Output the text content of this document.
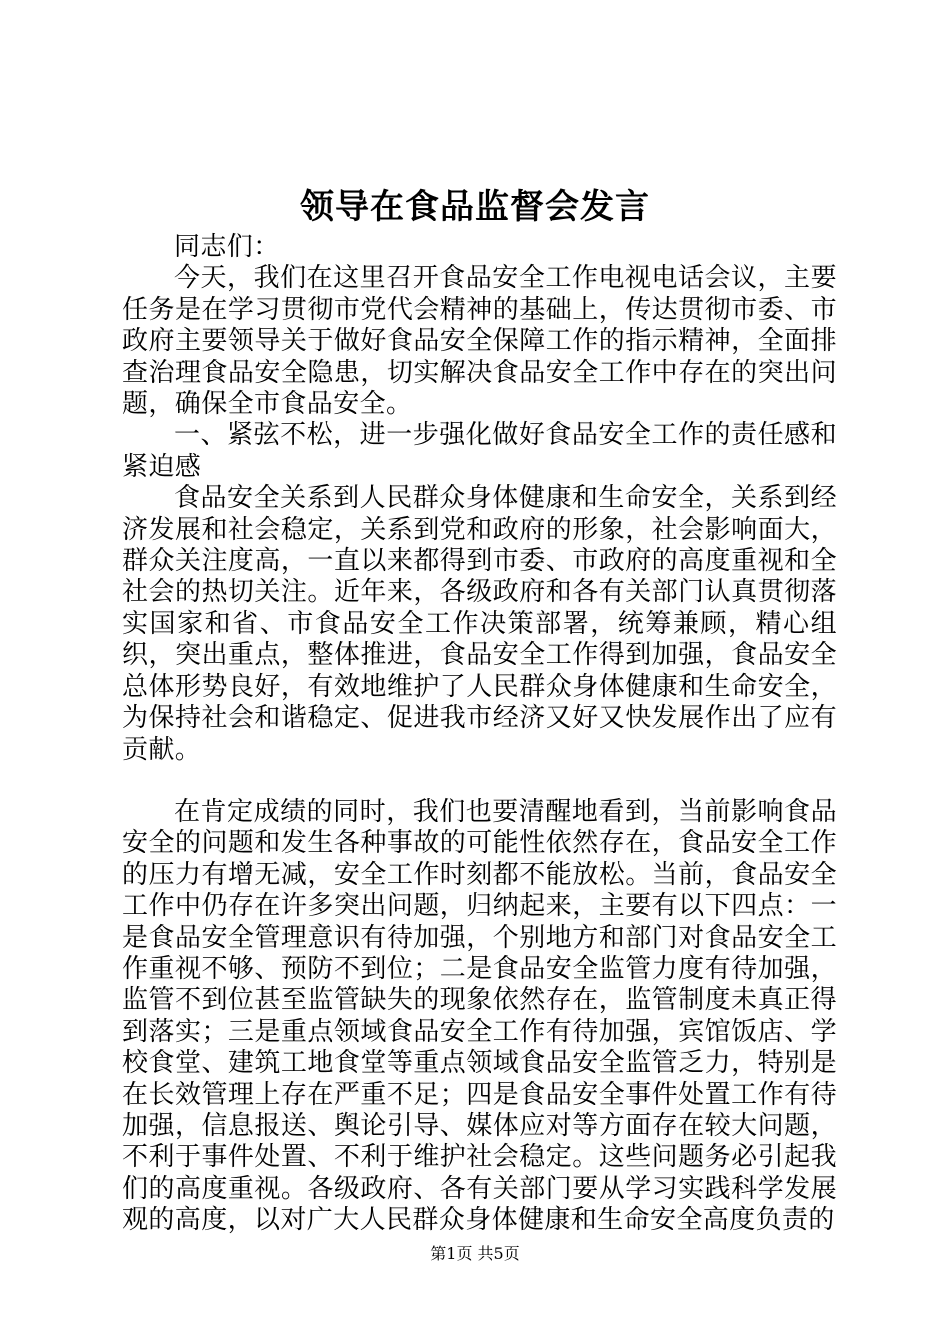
领导在食品监督会发言

同志们：

今天，我们在这里召开食品安全工作电视电话会议，主要任务是在学习贯彻市党代会精神的基础上，传达贯彻市委、市政府主要领导关于做好食品安全保障工作的指示精神，全面排查治理食品安全隐患，切实解决食品安全工作中存在的突出问题，确保全市食品安全。

一、紧弦不松，进一步强化做好食品安全工作的责任感和紧迫感

食品安全关系到人民群众身体健康和生命安全，关系到经济发展和社会稳定，关系到党和政府的形象，社会影响面大，群众关注度高，一直以来都得到市委、市政府的高度重视和全社会的热切关注。近年来，各级政府和各有关部门认真贯彻落实国家和省、市食品安全工作决策部署，统筹兼顾，精心组织，突出重点，整体推进，食品安全工作得到加强，食品安全总体形势良好，有效地维护了人民群众身体健康和生命安全，为保持社会和谐稳定、促进我市经济又好又快发展作出了应有贡献。

在肯定成绩的同时，我们也要清醒地看到，当前影响食品安全的问题和发生各种事故的可能性依然存在，食品安全工作的压力有增无减，安全工作时刻都不能放松。当前，食品安全工作中仍存在许多突出问题，归纳起来，主要有以下四点：一是食品安全管理意识有待加强，个别地方和部门对食品安全工作重视不够、预防不到位；二是食品安全监管力度有待加强，监管不到位甚至监管缺失的现象依然存在，监管制度未真正得到落实；三是重点领域食品安全工作有待加强，宾馆饭店、学校食堂、建筑工地食堂等重点领域食品安全监管乏力，特别是在长效管理上存在严重不足；四是食品安全事件处置工作有待加强，信息报送、舆论引导、媒体应对等方面存在较大问题，不利于事件处置、不利于维护社会稳定。这些问题务必引起我们的高度重视。各级政府、各有关部门要从学习实践科学发展观的高度，以对广大人民群众身体健康和生命安全高度负责的

第1页 共5页
